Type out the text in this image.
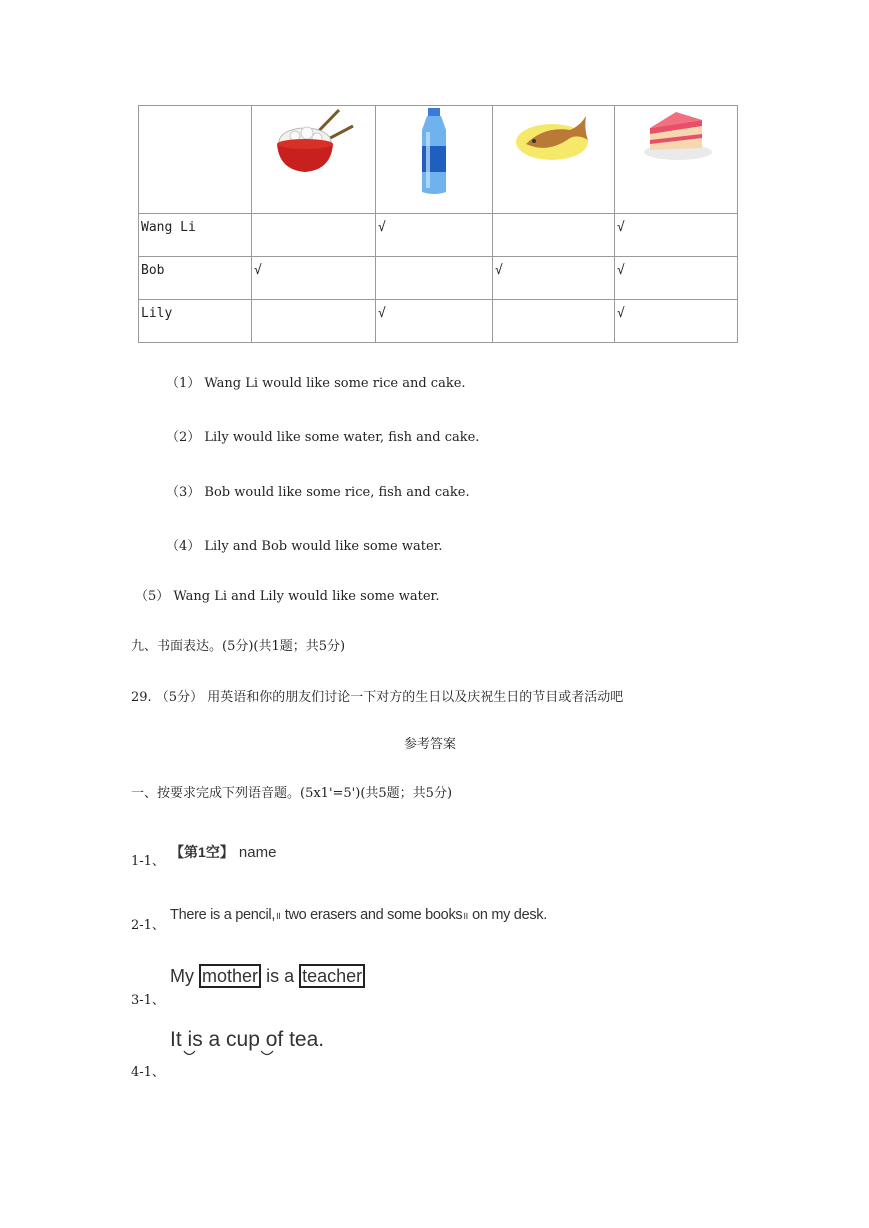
Wang Li		√		√
Bob	√		√	√
Lily		√		√
（1） Wang Li would like some rice and cake.
（2） Lily would like some water, fish and cake.
（3） Bob would like some rice, fish and cake.
（4） Lily and Bob would like some water.
（5） Wang Li and Lily would like some water.
九、书面表达。(5分)(共1题；共5分)
29. （5分） 用英语和你的朋友们讨论一下对方的生日以及庆祝生日的节目或者活动吧
参考答案
一、按要求完成下列语音题。(5x1'=5')(共5题；共5分)
$_{1-1、}$ 【第1空】 name
$_{2-1、}$ There is a pencil,॥ two erasers and some books॥ on my desk.
$_{3-1、}$ My mother is a teacher
$_{4-1、}$ It is a cup of tea.
